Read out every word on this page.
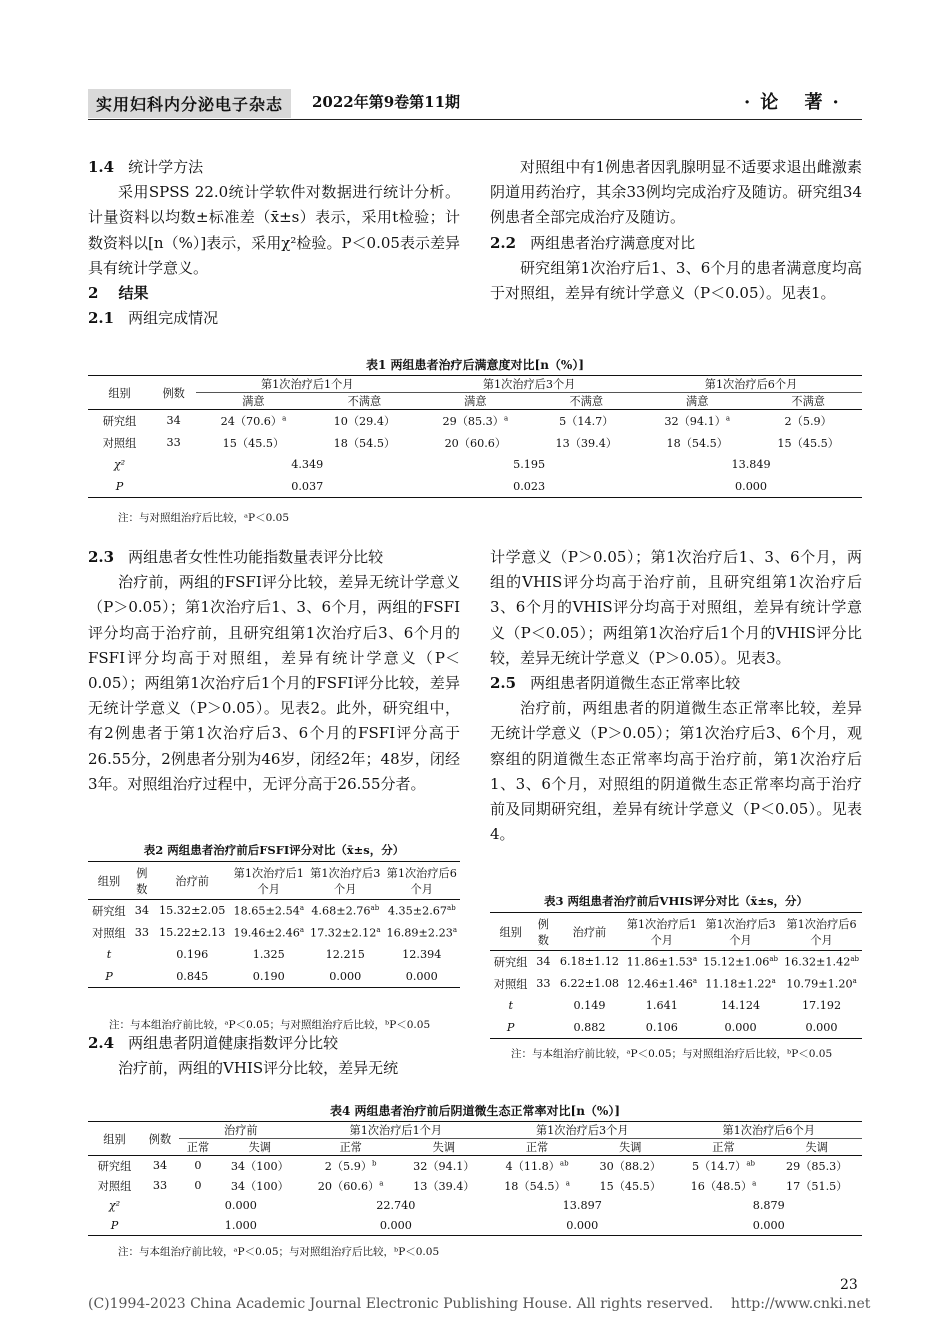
实用妇科内分泌电子杂志	2022年第9卷第11期	·论 著·

1.4 统计学方法

采用SPSS 22.0统计学软件对数据进行统计分析。计量资料以均数±标准差（x̄±s）表示，采用t检验；计数资料以[n（%）]表示，采用χ²检验。P＜0.05表示差异具有统计学意义。

2 结果

2.1 两组完成情况

对照组中有1例患者因乳腺明显不适要求退出雌激素阴道用药治疗，其余33例均完成治疗及随访。研究组34例患者全部完成治疗及随访。

2.2 两组患者治疗满意度对比

研究组第1次治疗后1、3、6个月的患者满意度均高于对照组，差异有统计学意义（P＜0.05）。见表1。

表1 两组患者治疗后满意度对比[n（%）]
组别	例数	第1次治疗后1个月		第1次治疗后3个月		第1次治疗后6个月	
		满意	不满意	满意	不满意	满意	不满意
研究组	34	$24(70.6)^a$	10（29.4）	$29(85.3)^a$	5（14.7）	$32(94.1)^a$	2（5.9）
对照组	33	15（45.5）	18（54.5）	20（60.6）	13（39.4）	18（54.5）	15（45.5）
χ²		4.349		5.195		13.849	
P		0.037		0.023		0.000	
注：与对照组治疗后比较，ᵃP＜0.05

2.3 两组患者女性性功能指数量表评分比较

治疗前，两组的FSFI评分比较，差异无统计学意义（P＞0.05）；第1次治疗后1、3、6个月，两组的FSFI评分均高于治疗前，且研究组第1次治疗后3、6个月的FSFI评分均高于对照组，差异有统计学意义（P＜0.05）；两组第1次治疗后1个月的FSFI评分比较，差异无统计学意义（P＞0.05）。见表2。此外，研究组中，有2例患者于第1次治疗后3、6个月的FSFI评分高于26.55分，2例患者分别为46岁，闭经2年；48岁，闭经3年。对照组治疗过程中，无评分高于26.55分者。

表2 两组患者治疗前后FSFI评分对比（x̄±s，分）
组别	例数	治疗前	第1次治疗后1个月	第1次治疗后3个月	第1次治疗后6个月
研究组	34	15.32±2.05	18.65±2.54$^a$	4.68±2.76$^{ab}$	4.35±2.67$^{ab}$
对照组	33	15.22±2.13	19.46±2.46$^a$	17.32±2.12$^a$	16.89±2.23$^a$
t		0.196	1.325	12.215	12.394
P		0.845	0.190	0.000	0.000
注：与本组治疗前比较，ᵃP＜0.05；与对照组治疗后比较，ᵇP＜0.05

2.4 两组患者阴道健康指数评分比较

治疗前，两组的VHIS评分比较，差异无统

计学意义（P＞0.05）；第1次治疗后1、3、6个月，两组的VHIS评分均高于治疗前，且研究组第1次治疗后3、6个月的VHIS评分均高于对照组，差异有统计学意义（P＜0.05）；两组第1次治疗后1个月的VHIS评分比较，差异无统计学意义（P＞0.05）。见表3。

2.5 两组患者阴道微生态正常率比较

治疗前，两组患者的阴道微生态正常率比较，差异无统计学意义（P＞0.05）；第1次治疗后3、6个月，观察组的阴道微生态正常率均高于治疗前，第1次治疗后1、3、6个月，对照组的阴道微生态正常率均高于治疗前及同期研究组，差异有统计学意义（P＜0.05）。见表4。

表3 两组患者治疗前后VHIS评分对比（x̄±s，分）
组别	例数	治疗前	第1次治疗后1个月	第1次治疗后3个月	第1次治疗后6个月
研究组	34	6.18±1.12	11.86±1.53$^a$	15.12±1.06$^{ab}$	16.32±1.42$^{ab}$
对照组	33	6.22±1.08	12.46±1.46$^a$	11.18±1.22$^a$	10.79±1.20$^a$
t		0.149	1.641	14.124	17.192
P		0.882	0.106	0.000	0.000
注：与本组治疗前比较，ᵃP＜0.05；与对照组治疗后比较，ᵇP＜0.05
表4 两组患者治疗前后阴道微生态正常率对比[n（%）]
组别	例数	治疗前		第1次治疗后1个月		第1次治疗后3个月		第1次治疗后6个月	
		正常	失调	正常	失调	正常	失调	正常	失调
研究组	34	0	34（100）	$2(5.9)^b$	32（94.1）	$4(11.8)^{ab}$	30（88.2）	$5(14.7)^{ab}$	29（85.3）
对照组	33	0	34（100）	$20(60.6)^a$	13（39.4）	$18(54.5)^a$	15（45.5）	$16(48.5)^a$	17（51.5）
χ²		0.000		22.740		13.897		8.879	
P		1.000		0.000		0.000		0.000	
注：与本组治疗前比较，ᵃP＜0.05；与对照组治疗后比较，ᵇP＜0.05
23
(C)1994-2023 China Academic Journal Electronic Publishing House. All rights reserved.    http://www.cnki.net
